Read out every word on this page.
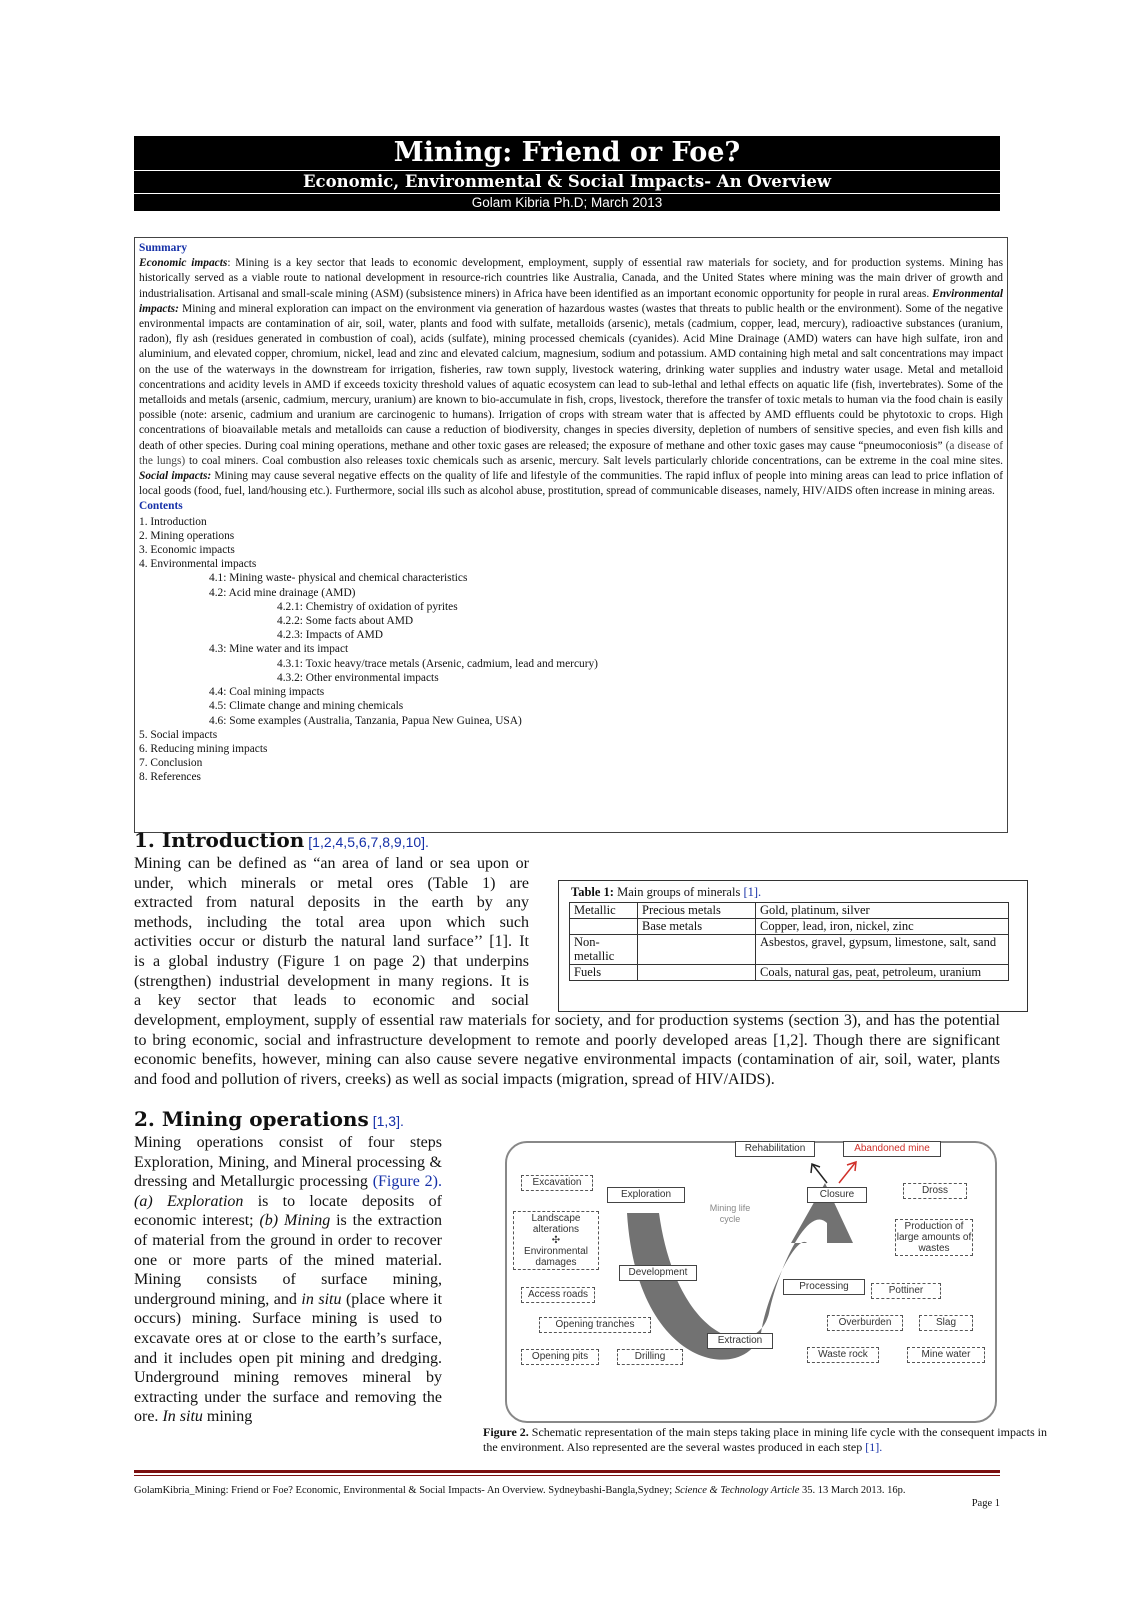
Mining: Friend or Foe?
Economic, Environmental & Social Impacts- An Overview
Golam Kibria Ph.D; March 2013
Summary
Economic impacts: Mining is a key sector that leads to economic development, employment, supply of essential raw materials for society, and for production systems. Mining has historically served as a viable route to national development in resource-rich countries like Australia, Canada, and the United States where mining was the main driver of growth and industrialisation. Artisanal and small-scale mining (ASM) (subsistence miners) in Africa have been identified as an important economic opportunity for people in rural areas. Environmental impacts: Mining and mineral exploration can impact on the environment via generation of hazardous wastes (wastes that threats to public health or the environment). Some of the negative environmental impacts are contamination of air, soil, water, plants and food with sulfate, metalloids (arsenic), metals (cadmium, copper, lead, mercury), radioactive substances (uranium, radon), fly ash (residues generated in combustion of coal), acids (sulfate), mining processed chemicals (cyanides). Acid Mine Drainage (AMD) waters can have high sulfate, iron and aluminium, and elevated copper, chromium, nickel, lead and zinc and elevated calcium, magnesium, sodium and potassium. AMD containing high metal and salt concentrations may impact on the use of the waterways in the downstream for irrigation, fisheries, raw town supply, livestock watering, drinking water supplies and industry water usage. Metal and metalloid concentrations and acidity levels in AMD if exceeds toxicity threshold values of aquatic ecosystem can lead to sub-lethal and lethal effects on aquatic life (fish, invertebrates). Some of the metalloids and metals (arsenic, cadmium, mercury, uranium) are known to bio-accumulate in fish, crops, livestock, therefore the transfer of toxic metals to human via the food chain is easily possible (note: arsenic, cadmium and uranium are carcinogenic to humans). Irrigation of crops with stream water that is affected by AMD effluents could be phytotoxic to crops. High concentrations of bioavailable metals and metalloids can cause a reduction of biodiversity, changes in species diversity, depletion of numbers of sensitive species, and even fish kills and death of other species. During coal mining operations, methane and other toxic gases are released; the exposure of methane and other toxic gases may cause “pneumoconiosis” (a disease of the lungs) to coal miners. Coal combustion also releases toxic chemicals such as arsenic, mercury. Salt levels particularly chloride concentrations, can be extreme in the coal mine sites. Social impacts: Mining may cause several negative effects on the quality of life and lifestyle of the communities. The rapid influx of people into mining areas can lead to price inflation of local goods (food, fuel, land/housing etc.). Furthermore, social ills such as alcohol abuse, prostitution, spread of communicable diseases, namely, HIV/AIDS often increase in mining areas.
Contents
1. Introduction
2. Mining operations
3. Economic impacts
4. Environmental impacts
4.1: Mining waste- physical and chemical characteristics
4.2: Acid mine drainage (AMD)
4.2.1: Chemistry of oxidation of pyrites
4.2.2: Some facts about AMD
4.2.3: Impacts of AMD
4.3: Mine water and its impact
4.3.1: Toxic heavy/trace metals (Arsenic, cadmium, lead and mercury)
4.3.2: Other environmental impacts
4.4: Coal mining impacts
4.5: Climate change and mining chemicals
4.6: Some examples (Australia, Tanzania, Papua New Guinea, USA)
5. Social impacts
6. Reducing mining impacts
7. Conclusion
8. References
1. Introduction [1,2,4,5,6,7,8,9,10].
Mining can be defined as “an area of land or sea upon or
under, which minerals or metal ores (Table 1) are
extracted from natural deposits in the earth by any
methods, including the total area upon which such
activities occur or disturb the natural land surface’’ [1]. It
is a global industry (Figure 1 on page 2) that underpins
(strengthen) industrial development in many regions. It is
a key sector that leads to economic and social
development, employment, supply of essential raw materials for society, and for production systems (section 3), and has the potential to bring economic, social and infrastructure development to remote and poorly developed areas [1,2]. Though there are significant economic benefits, however, mining can also cause severe negative environmental impacts (contamination of air, soil, water, plants and food and pollution of rivers, creeks) as well as social impacts (migration, spread of HIV/AIDS).
Table 1: Main groups of minerals [1].
Metallic	Precious metals	Gold, platinum, silver
	Base metals	Copper, lead, iron, nickel, zinc
Non-metallic		Asbestos, gravel, gypsum, limestone, salt, sand
Fuels		Coals, natural gas, peat, petroleum, uranium
2. Mining operations [1,3].
Mining operations consist of four steps Exploration, Mining, and Mineral processing & dressing and Metallurgic processing (Figure 2). (a) Exploration is to locate deposits of economic interest; (b) Mining is the extraction of material from the ground in order to recover one or more parts of the mined material. Mining consists of surface mining, underground mining, and in situ (place where it occurs) mining. Surface mining is used to excavate ores at or close to the earth’s surface, and it includes open pit mining and dredging. Underground mining removes mineral by extracting under the surface and removing the ore. In situ mining
Rehabilitation	Abandoned mine
Excavation
Exploration
Mining life cycle
Closure	Dross
Landscape alterations
✣
Environmental damages
Production of large amounts of wastes
Development
Processing	Pottiner
Access roads
Opening tranches	Overburden	Slag
Extraction
Opening pits	Drilling	Waste rock	Mine water
Figure 2. Schematic representation of the main steps taking place in mining life cycle with the consequent impacts in the environment. Also represented are the several wastes produced in each step [1].
GolamKibria_Mining: Friend or Foe? Economic, Environmental & Social Impacts- An Overview. Sydneybashi-Bangla,Sydney; Science & Technology Article 35. 13 March 2013. 16p.
Page 1
